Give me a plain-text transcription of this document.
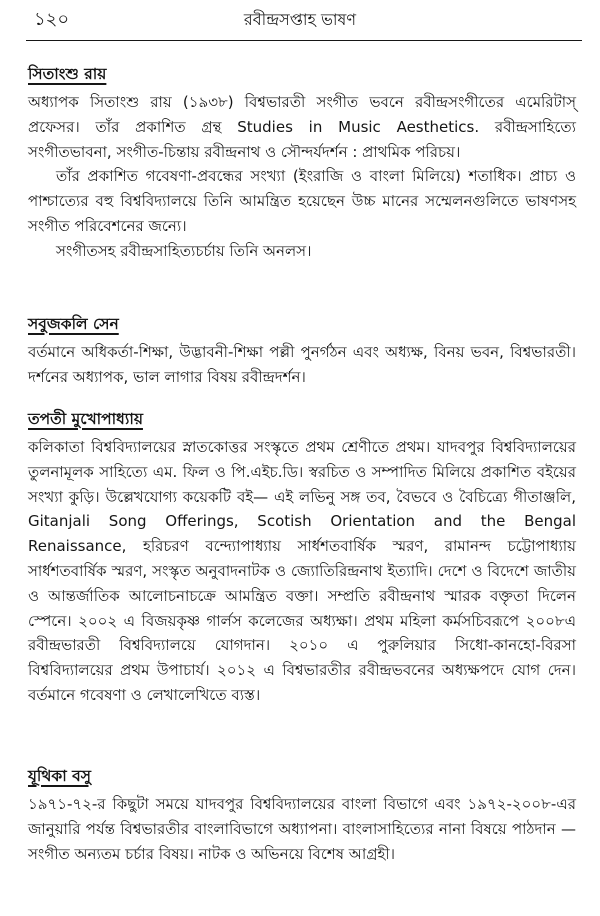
১২০	রবীন্দ্রসপ্তাহ ভাষণ
সিতাংশু রায়

অধ্যাপক সিতাংশু রায় (১৯৩৮) বিশ্বভারতী সংগীত ভবনে রবীন্দ্রসংগীতের এমেরিটাস্ প্রফেসর। তাঁর প্রকাশিত গ্রন্থ Studies in Music Aesthetics. রবীন্দ্রসাহিত্যে সংগীতভাবনা, সংগীত-চিন্তায় রবীন্দ্রনাথ ও সৌন্দর্যদর্শন : প্রাথমিক পরিচয়।

তাঁর প্রকাশিত গবেষণা-প্রবন্ধের সংখ্যা (ইংরাজি ও বাংলা মিলিয়ে) শতাধিক। প্রাচ্য ও পাশ্চাত্যের বহু বিশ্ববিদ্যালয়ে তিনি আমন্ত্রিত হয়েছেন উচ্চ মানের সম্মেলনগুলিতে ভাষণসহ সংগীত পরিবেশনের জন্যে।

সংগীতসহ রবীন্দ্রসাহিত্যচর্চায় তিনি অনলস।

সবুজকলি সেন

বর্তমানে অধিকর্তা-শিক্ষা, উদ্ভাবনী-শিক্ষা পল্লী পুনর্গঠন এবং অধ্যক্ষ, বিনয় ভবন, বিশ্বভারতী। দর্শনের অধ্যাপক, ভাল লাগার বিষয় রবীন্দ্রদর্শন।

তপতী মুখোপাধ্যায়

কলিকাতা বিশ্ববিদ্যালয়ের স্নাতকোত্তর সংস্কৃতে প্রথম শ্রেণীতে প্রথম। যাদবপুর বিশ্ববিদ্যালয়ের তুলনামূলক সাহিত্যে এম. ফিল ও পি.এইচ.ডি। স্বরচিত ও সম্পাদিত মিলিয়ে প্রকাশিত বইয়ের সংখ্যা কুড়ি। উল্লেখযোগ্য কয়েকটি বই— এই লভিনু সঙ্গ তব, বৈভবে ও বৈচিত্র্যে গীতাঞ্জলি, Gitanjali Song Offerings, Scotish Orientation and the Bengal Renaissance, হরিচরণ বন্দ্যোপাধ্যায় সার্ধশতবার্ষিক স্মরণ, রামানন্দ চট্টোপাধ্যায় সার্ধশতবার্ষিক স্মরণ, সংস্কৃত অনুবাদনাটক ও জ্যোতিরিন্দ্রনাথ ইত্যাদি। দেশে ও বিদেশে জাতীয় ও আন্তর্জাতিক আলোচনাচক্রে আমন্ত্রিত বক্তা। সম্প্রতি রবীন্দ্রনাথ স্মারক বক্তৃতা দিলেন স্পেনে। ২০০২ এ বিজয়কৃষ্ণ গার্লস কলেজের অধ্যক্ষা। প্রথম মহিলা কর্মসচিবরূপে ২০০৮এ রবীন্দ্রভারতী বিশ্ববিদ্যালয়ে যোগদান। ২০১০ এ পুরুলিয়ার সিধো-কানহো-বিরসা বিশ্ববিদ্যালয়ের প্রথম উপাচার্য। ২০১২ এ বিশ্বভারতীর রবীন্দ্রভবনের অধ্যক্ষপদে যোগ দেন। বর্তমানে গবেষণা ও লেখালেখিতে ব্যস্ত।

যূথিকা বসু

১৯৭১-৭২-র কিছুটা সময়ে যাদবপুর বিশ্ববিদ্যালয়ের বাংলা বিভাগে এবং ১৯৭২-২০০৮-এর জানুয়ারি পর্যন্ত বিশ্বভারতীর বাংলাবিভাগে অধ্যাপনা। বাংলাসাহিত্যের নানা বিষয়ে পাঠদান — সংগীত অন্যতম চর্চার বিষয়। নাটক ও অভিনয়ে বিশেষ আগ্রহী।
